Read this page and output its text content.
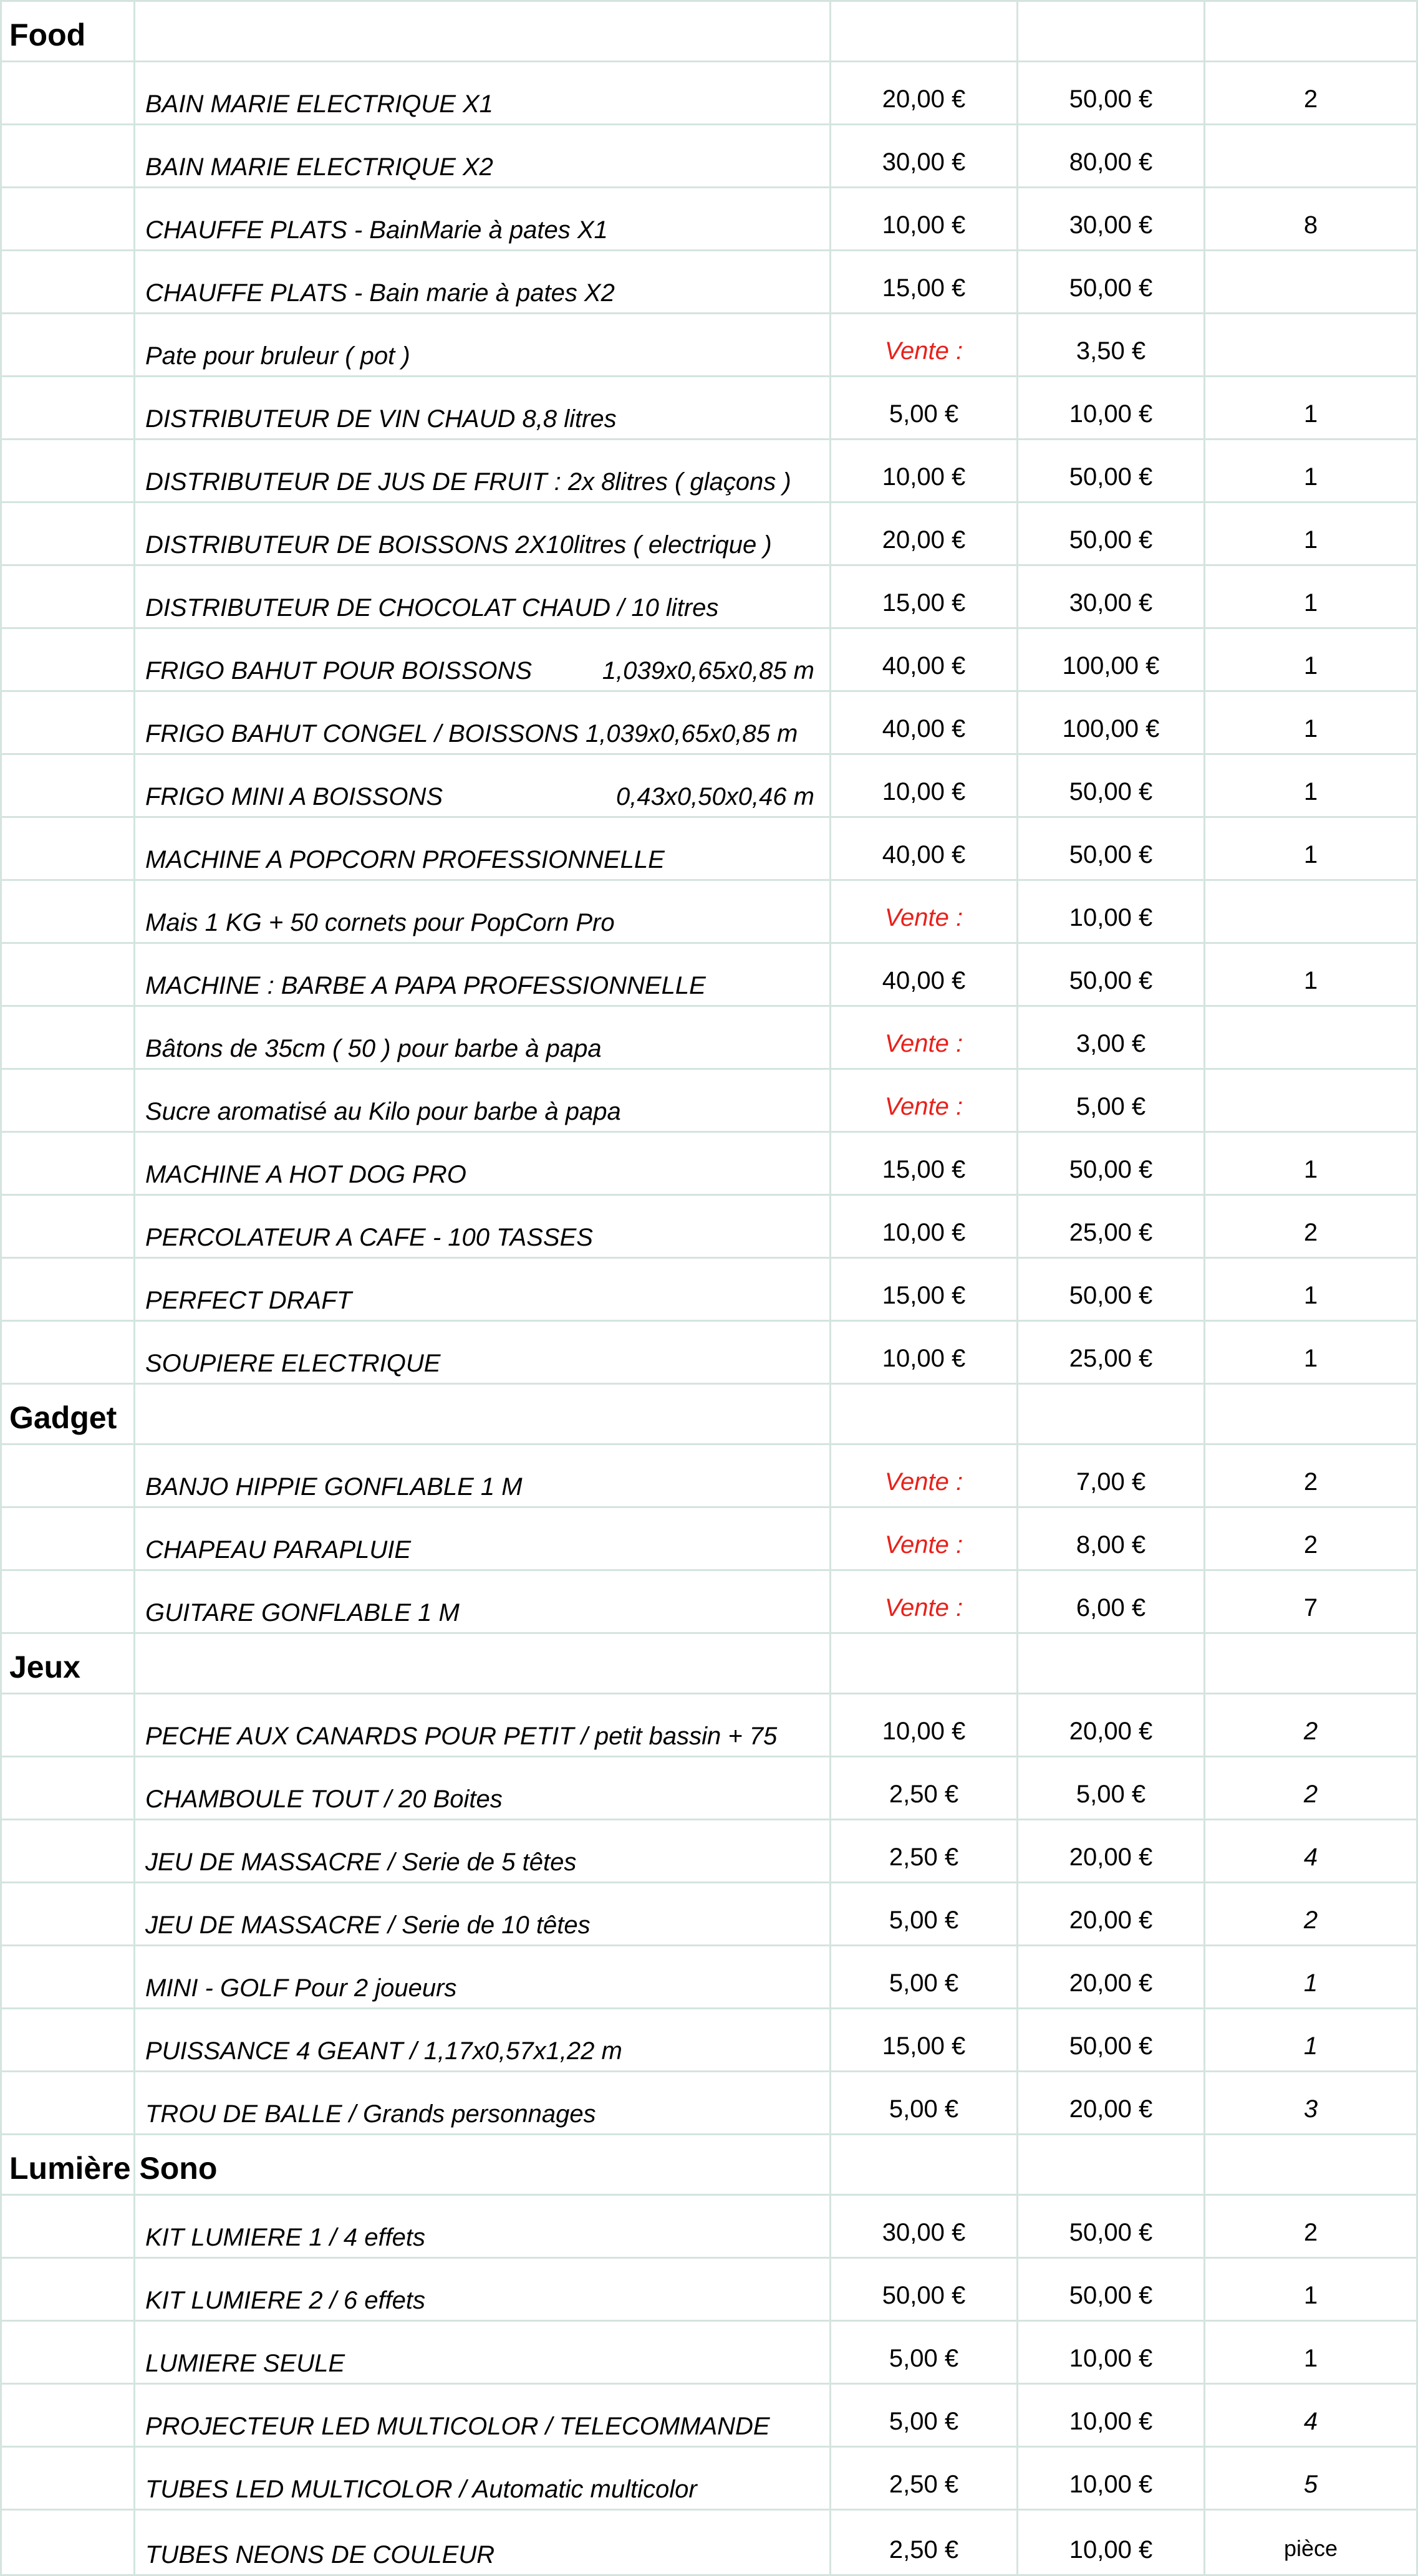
Food				
	BAIN MARIE ELECTRIQUE X1	20,00 €	50,00 €	2
	BAIN MARIE ELECTRIQUE X2	30,00 €	80,00 €	
	CHAUFFE PLATS - BainMarie à pates X1	10,00 €	30,00 €	8
	CHAUFFE PLATS - Bain marie à pates X2	15,00 €	50,00 €	
	Pate pour bruleur ( pot )	Vente :	3,50 €	
	DISTRIBUTEUR DE VIN CHAUD 8,8 litres	5,00 €	10,00 €	1
	DISTRIBUTEUR DE JUS DE FRUIT : 2x 8litres ( glaçons )	10,00 €	50,00 €	1
	DISTRIBUTEUR DE BOISSONS 2X10litres ( electrique )	20,00 €	50,00 €	1
	DISTRIBUTEUR DE CHOCOLAT CHAUD / 10 litres	15,00 €	30,00 €	1
	FRIGO BAHUT POUR BOISSONS 1,039x0,65x0,85 m	40,00 €	100,00 €	1
	FRIGO BAHUT CONGEL / BOISSONS 1,039x0,65x0,85 m	40,00 €	100,00 €	1
	FRIGO MINI A BOISSONS 0,43x0,50x0,46 m	10,00 €	50,00 €	1
	MACHINE A POPCORN PROFESSIONNELLE	40,00 €	50,00 €	1
	Mais 1 KG + 50 cornets pour PopCorn Pro	Vente :	10,00 €	
	MACHINE : BARBE A PAPA PROFESSIONNELLE	40,00 €	50,00 €	1
	Bâtons de 35cm ( 50 ) pour barbe à papa	Vente :	3,00 €	
	Sucre aromatisé au Kilo pour barbe à papa	Vente :	5,00 €	
	MACHINE A HOT DOG PRO	15,00 €	50,00 €	1
	PERCOLATEUR A CAFE - 100 TASSES	10,00 €	25,00 €	2
	PERFECT DRAFT	15,00 €	50,00 €	1
	SOUPIERE ELECTRIQUE	10,00 €	25,00 €	1
Gadget				
	BANJO HIPPIE GONFLABLE 1 M	Vente :	7,00 €	2
	CHAPEAU PARAPLUIE	Vente :	8,00 €	2
	GUITARE GONFLABLE 1 M	Vente :	6,00 €	7
Jeux				
	PECHE AUX CANARDS POUR PETIT / petit bassin + 75	10,00 €	20,00 €	2
	CHAMBOULE TOUT / 20 Boites	2,50 €	5,00 €	2
	JEU DE MASSACRE / Serie de 5 têtes	2,50 €	20,00 €	4
	JEU DE MASSACRE / Serie de 10 têtes	5,00 €	20,00 €	2
	MINI - GOLF Pour 2 joueurs	5,00 €	20,00 €	1
	PUISSANCE 4 GEANT / 1,17x0,57x1,22 m	15,00 €	50,00 €	1
	TROU DE BALLE / Grands personnages	5,00 €	20,00 €	3
Lumière Sono				
	KIT LUMIERE 1 / 4 effets	30,00 €	50,00 €	2
	KIT LUMIERE 2 / 6 effets	50,00 €	50,00 €	1
	LUMIERE SEULE	5,00 €	10,00 €	1
	PROJECTEUR LED MULTICOLOR / TELECOMMANDE	5,00 €	10,00 €	4
	TUBES LED MULTICOLOR / Automatic multicolor	2,50 €	10,00 €	5
	TUBES NEONS DE COULEUR	2,50 €	10,00 €	pièce
